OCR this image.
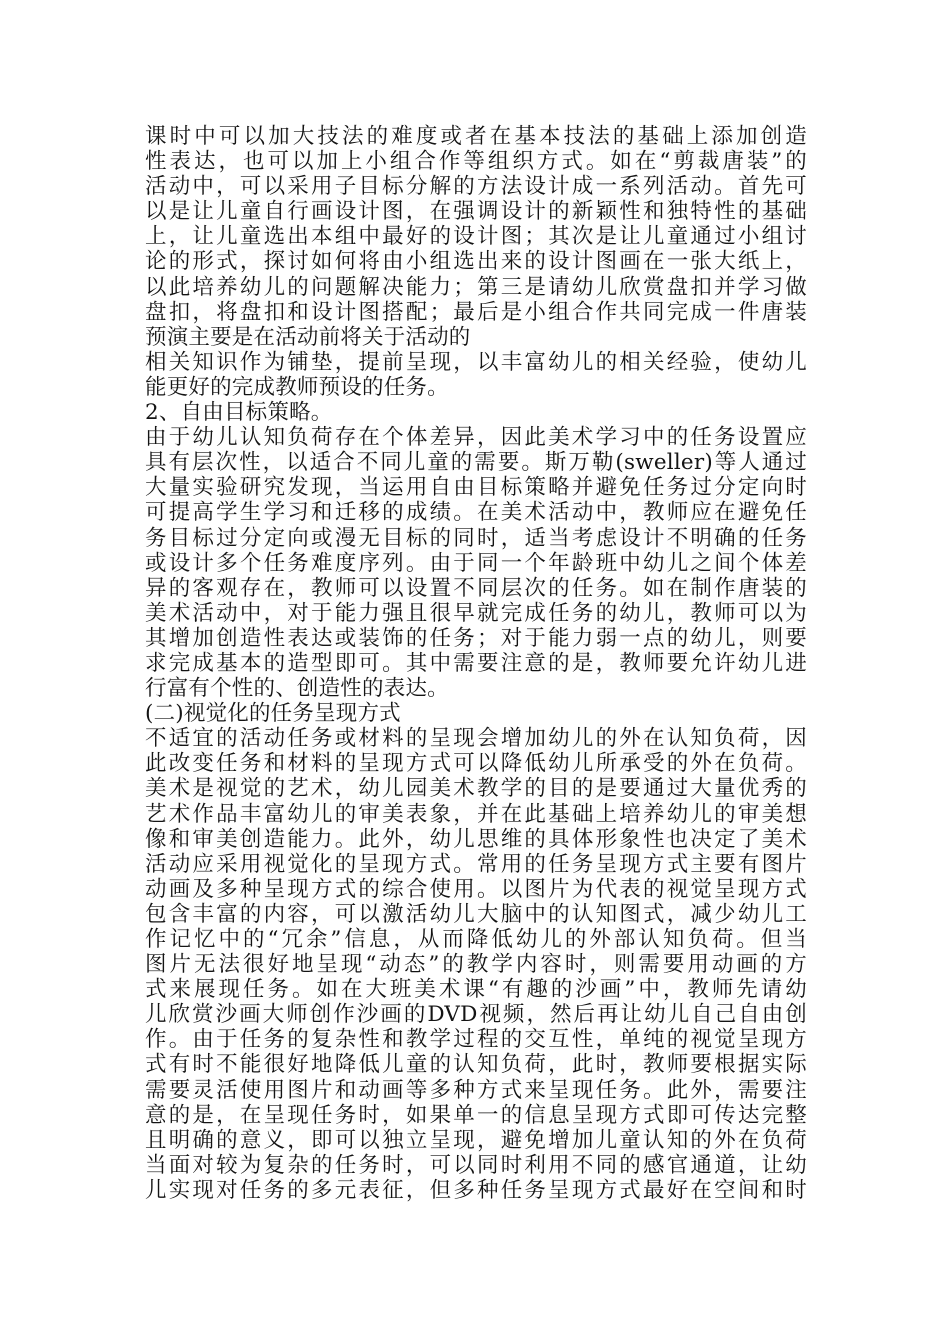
课时中可以加大技法的难度或者在基本技法的基础上添加创造
性表达，也可以加上小组合作等组织方式。如在“剪裁唐装”的
活动中，可以采用子目标分解的方法设计成一系列活动。首先可
以是让儿童自行画设计图，在强调设计的新颖性和独特性的基础
上，让儿童选出本组中最好的设计图；其次是让儿童通过小组讨
论的形式，探讨如何将由小组选出来的设计图画在一张大纸上，
以此培养幼儿的问题解决能力；第三是请幼儿欣赏盘扣并学习做
盘扣，将盘扣和设计图搭配；最后是小组合作共同完成一件唐装
预演主要是在活动前将关于活动的
相关知识作为铺垫，提前呈现，以丰富幼儿的相关经验，使幼儿
能更好的完成教师预设的任务。
2、自由目标策略。
由于幼儿认知负荷存在个体差异，因此美术学习中的任务设置应
具有层次性，以适合不同儿童的需要。斯万勒(sweller)等人通过
大量实验研究发现，当运用自由目标策略并避免任务过分定向时
可提高学生学习和迁移的成绩。在美术活动中，教师应在避免任
务目标过分定向或漫无目标的同时，适当考虑设计不明确的任务
或设计多个任务难度序列。由于同一个年龄班中幼儿之间个体差
异的客观存在，教师可以设置不同层次的任务。如在制作唐装的
美术活动中，对于能力强且很早就完成任务的幼儿，教师可以为
其增加创造性表达或装饰的任务；对于能力弱一点的幼儿，则要
求完成基本的造型即可。其中需要注意的是，教师要允许幼儿进
行富有个性的、创造性的表达。
(二)视觉化的任务呈现方式
不适宜的活动任务或材料的呈现会增加幼儿的外在认知负荷，因
此改变任务和材料的呈现方式可以降低幼儿所承受的外在负荷。
美术是视觉的艺术，幼儿园美术教学的目的是要通过大量优秀的
艺术作品丰富幼儿的审美表象，并在此基础上培养幼儿的审美想
像和审美创造能力。此外，幼儿思维的具体形象性也决定了美术
活动应采用视觉化的呈现方式。常用的任务呈现方式主要有图片
动画及多种呈现方式的综合使用。以图片为代表的视觉呈现方式
包含丰富的内容，可以激活幼儿大脑中的认知图式，减少幼儿工
作记忆中的“冗余”信息，从而降低幼儿的外部认知负荷。但当
图片无法很好地呈现“动态”的教学内容时，则需要用动画的方
式来展现任务。如在大班美术课“有趣的沙画”中，教师先请幼
儿欣赏沙画大师创作沙画的DVD视频，然后再让幼儿自己自由创
作。由于任务的复杂性和教学过程的交互性，单纯的视觉呈现方
式有时不能很好地降低儿童的认知负荷，此时，教师要根据实际
需要灵活使用图片和动画等多种方式来呈现任务。此外，需要注
意的是，在呈现任务时，如果单一的信息呈现方式即可传达完整
且明确的意义，即可以独立呈现，避免增加儿童认知的外在负荷
当面对较为复杂的任务时，可以同时利用不同的感官通道，让幼
儿实现对任务的多元表征，但多种任务呈现方式最好在空间和时
